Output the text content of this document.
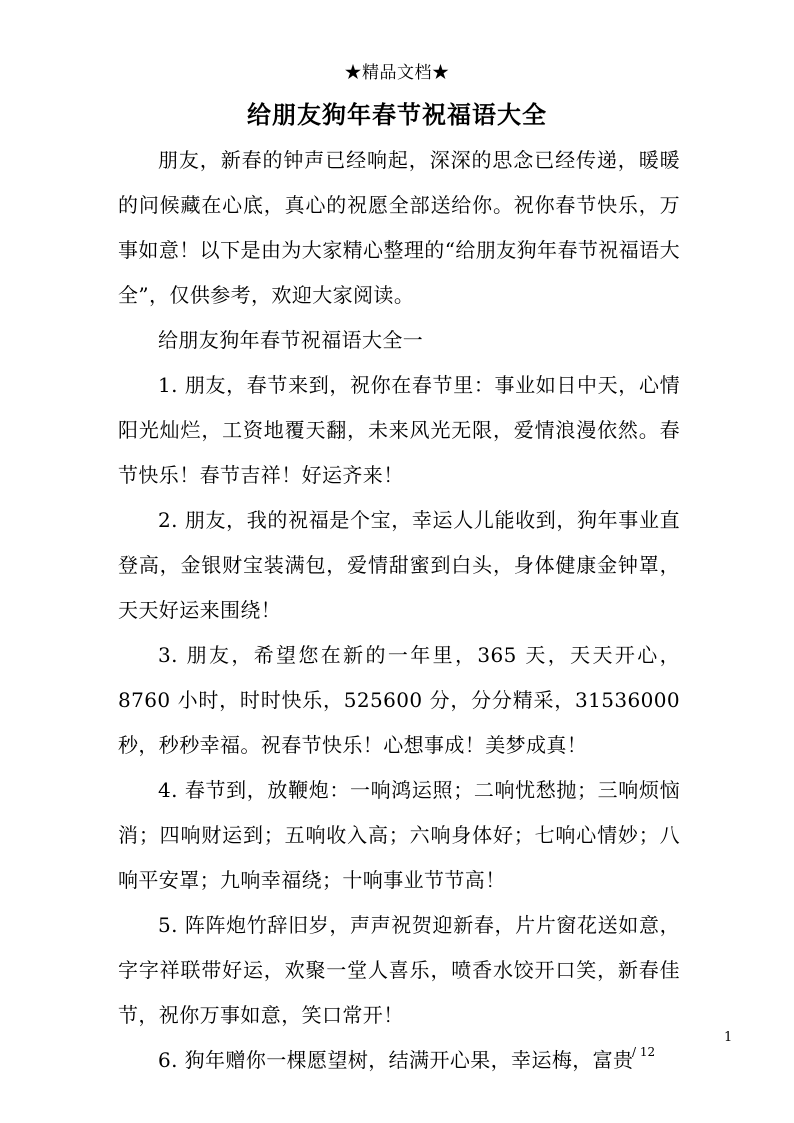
★精品文档★
给朋友狗年春节祝福语大全

朋友，新春的钟声已经响起，深深的思念已经传递，暖暖的问候藏在心底，真心的祝愿全部送给你。祝你春节快乐，万事如意！以下是由为大家精心整理的“给朋友狗年春节祝福语大全”，仅供参考，欢迎大家阅读。

给朋友狗年春节祝福语大全一

1. 朋友，春节来到，祝你在春节里：事业如日中天，心情阳光灿烂，工资地覆天翻，未来风光无限，爱情浪漫依然。春节快乐！春节吉祥！好运齐来！

2. 朋友，我的祝福是个宝，幸运人儿能收到，狗年事业直登高，金银财宝装满包，爱情甜蜜到白头，身体健康金钟罩，天天好运来围绕！

3. 朋友，希望您在新的一年里，365 天，天天开心，8760 小时，时时快乐，525600 分，分分精采，31536000 秒，秒秒幸福。祝春节快乐！心想事成！美梦成真！

4. 春节到，放鞭炮：一响鸿运照；二响忧愁抛；三响烦恼消；四响财运到；五响收入高；六响身体好；七响心情妙；八响平安罩；九响幸福绕；十响事业节节高！

5. 阵阵炮竹辞旧岁，声声祝贺迎新春，片片窗花送如意，字字祥联带好运，欢聚一堂人喜乐，喷香水饺开口笑，新春佳节，祝你万事如意，笑口常开！

6. 狗年赠你一棵愿望树，结满开心果，幸运梅，富贵

1
/ 12
